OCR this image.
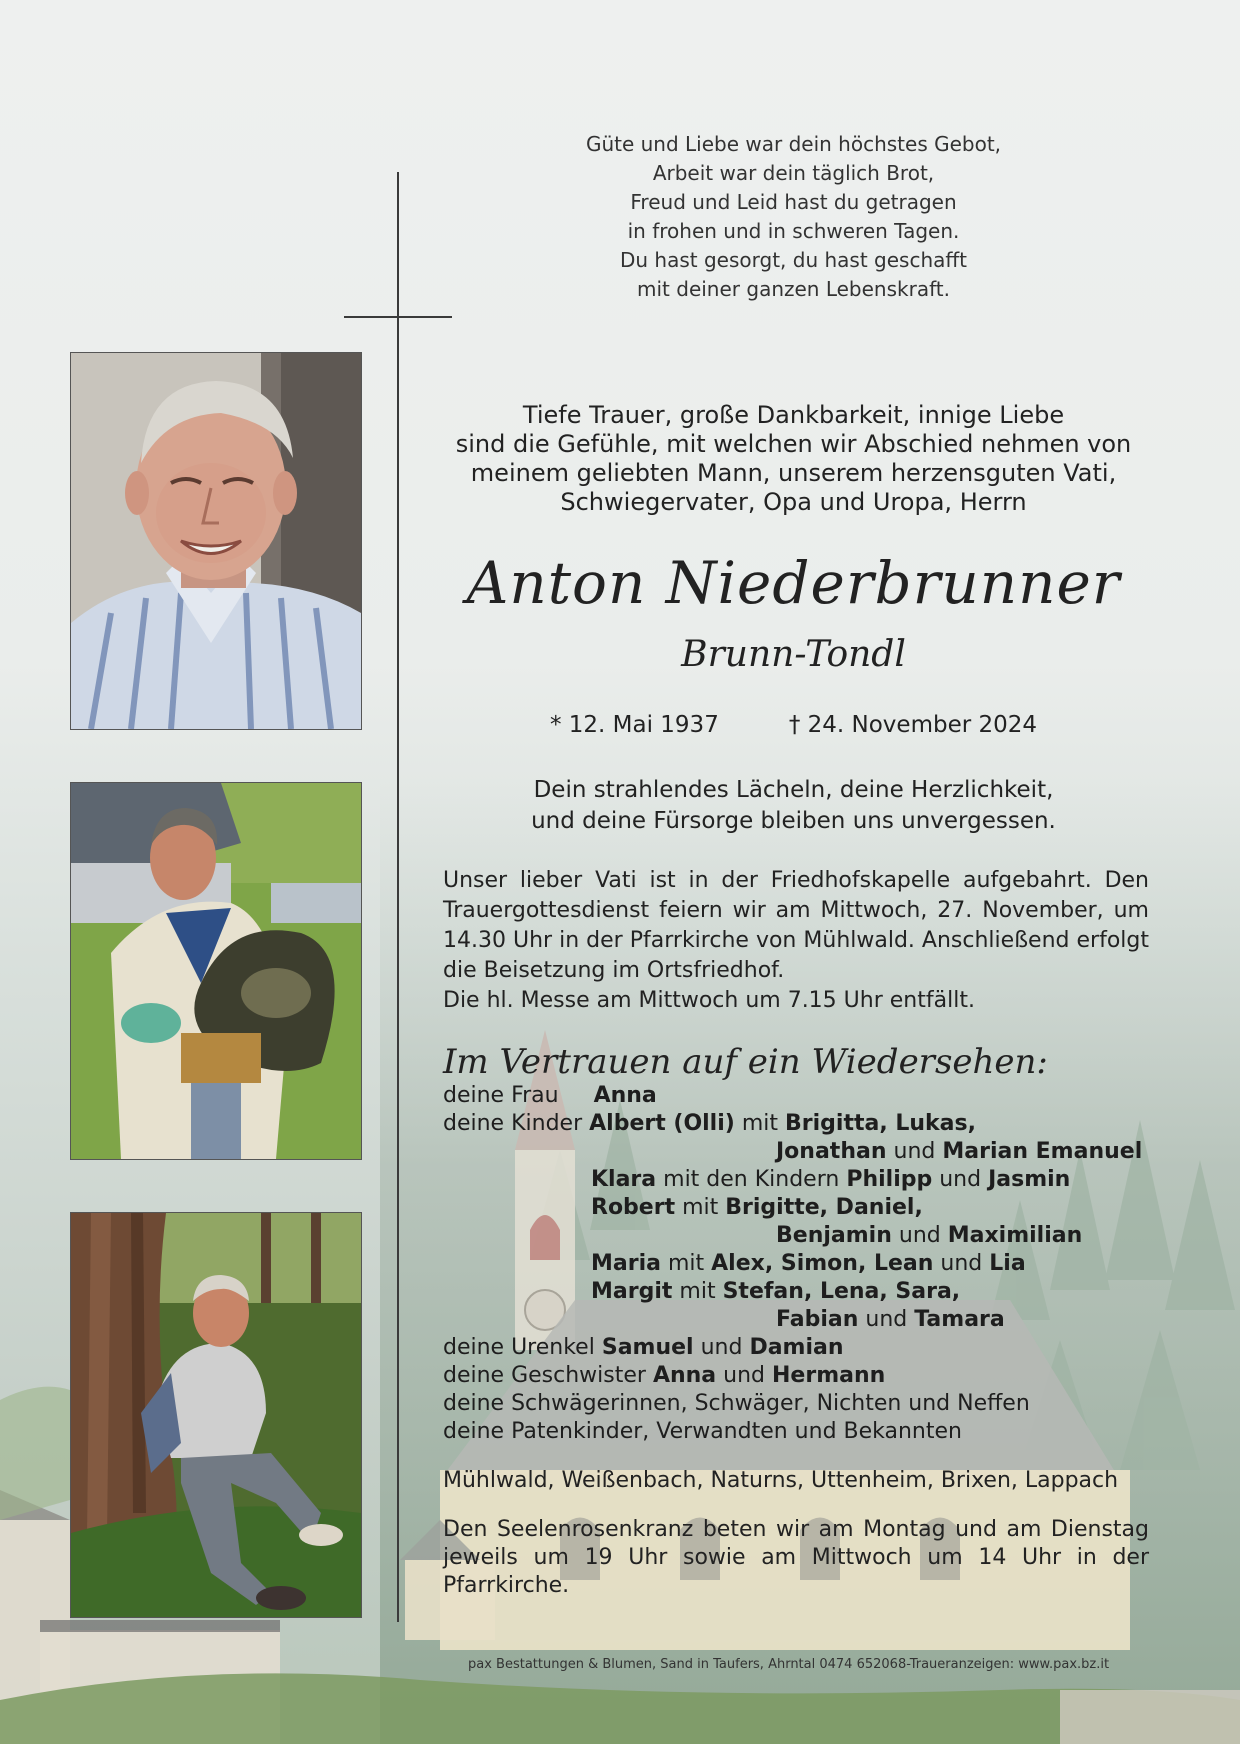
Güte und Liebe war dein höchstes Gebot,
Arbeit war dein täglich Brot,
Freud und Leid hast du getragen
in frohen und in schweren Tagen.
Du hast gesorgt, du hast geschafft
mit deiner ganzen Lebenskraft.
Tiefe Trauer, große Dankbarkeit, innige Liebe
sind die Gefühle, mit welchen wir Abschied nehmen von
meinem geliebten Mann, unserem herzensguten Vati,
Schwiegervater, Opa und Uropa, Herrn
Anton Niederbrunner
Brunn-Tondl
* 12. Mai 1937	† 24. November 2024
Dein strahlendes Lächeln, deine Herzlichkeit,
und deine Fürsorge bleiben uns unvergessen.

Unser lieber Vati ist in der Friedhofskapelle aufgebahrt. Den

Trauergottesdienst feiern wir am Mittwoch, 27. November, um

14.30 Uhr in der Pfarrkirche von Mühlwald. Anschließend erfolgt

die Beisetzung im Ortsfriedhof.

Die hl. Messe am Mittwoch um 7.15 Uhr entfällt.

Im Vertrauen auf ein Wiedersehen:
deine Frau Anna
deine Kinder Albert (Olli) mit Brigitta, Lukas,
Jonathan und Marian Emanuel
Klara mit den Kindern Philipp und Jasmin
Robert mit Brigitte, Daniel,
Benjamin und Maximilian
Maria mit Alex, Simon, Lean und Lia
Margit mit Stefan, Lena, Sara,
Fabian und Tamara
deine Urenkel Samuel und Damian
deine Geschwister Anna und Hermann
deine Schwägerinnen, Schwäger, Nichten und Neffen
deine Patenkinder, Verwandten und Bekannten
Mühlwald, Weißenbach, Naturns, Uttenheim, Brixen, Lappach

Den Seelenrosenkranz beten wir am Montag und am Dienstag

jeweils um 19 Uhr sowie am Mittwoch um 14 Uhr in der Pfarrkirche.

pax Bestattungen & Blumen, Sand in Taufers, Ahrntal 0474 652068-Traueranzeigen: www.pax.bz.it
